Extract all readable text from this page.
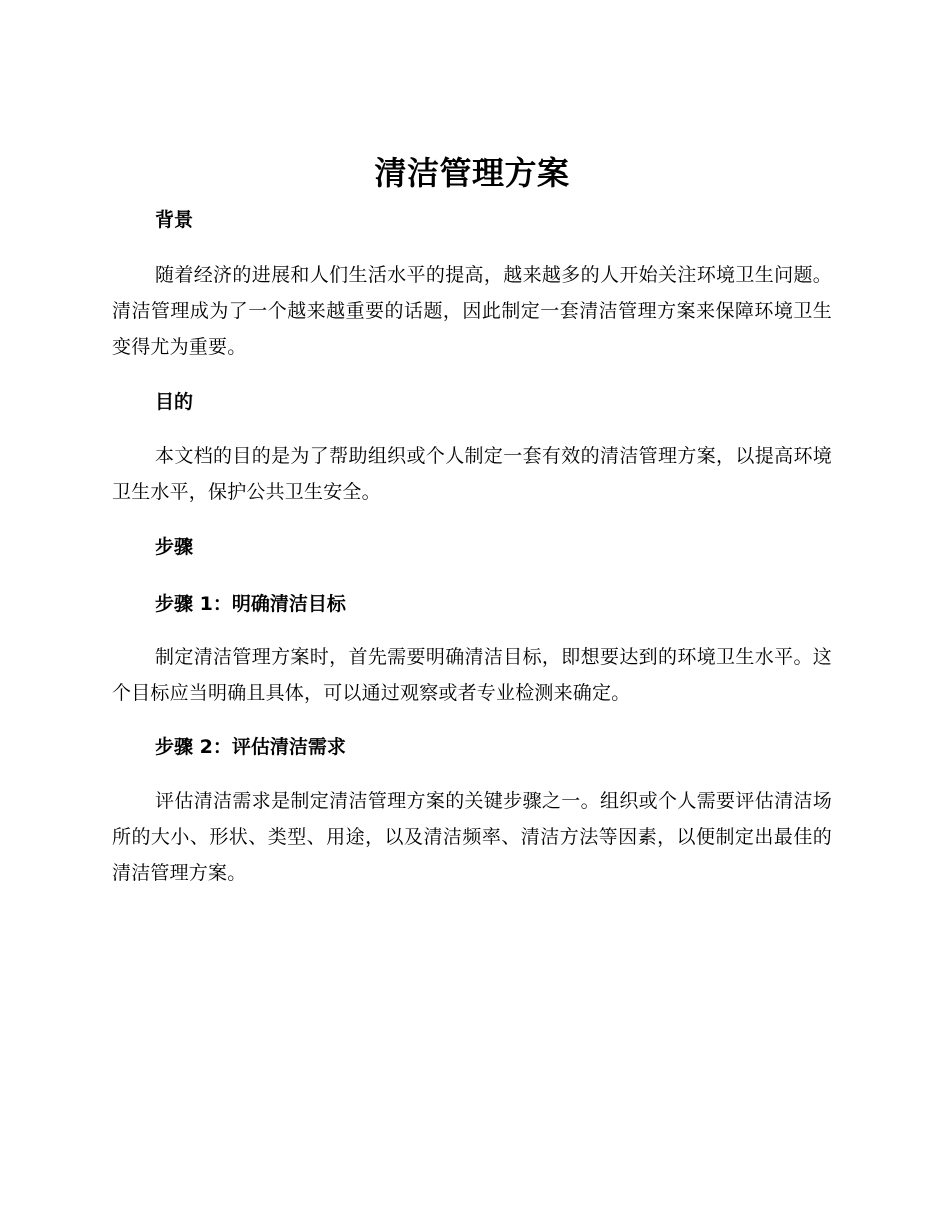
清洁管理方案
背景

随着经济的进展和人们生活水平的提高，越来越多的人开始关注环境卫生问题。清洁管理成为了一个越来越重要的话题，因此制定一套清洁管理方案来保障环境卫生变得尤为重要。

目的

本文档的目的是为了帮助组织或个人制定一套有效的清洁管理方案，以提高环境卫生水平，保护公共卫生安全。

步骤
步骤 1：明确清洁目标

制定清洁管理方案时，首先需要明确清洁目标，即想要达到的环境卫生水平。这个目标应当明确且具体，可以通过观察或者专业检测来确定。

步骤 2：评估清洁需求

评估清洁需求是制定清洁管理方案的关键步骤之一。组织或个人需要评估清洁场所的大小、形状、类型、用途，以及清洁频率、清洁方法等因素，以便制定出最佳的清洁管理方案。
